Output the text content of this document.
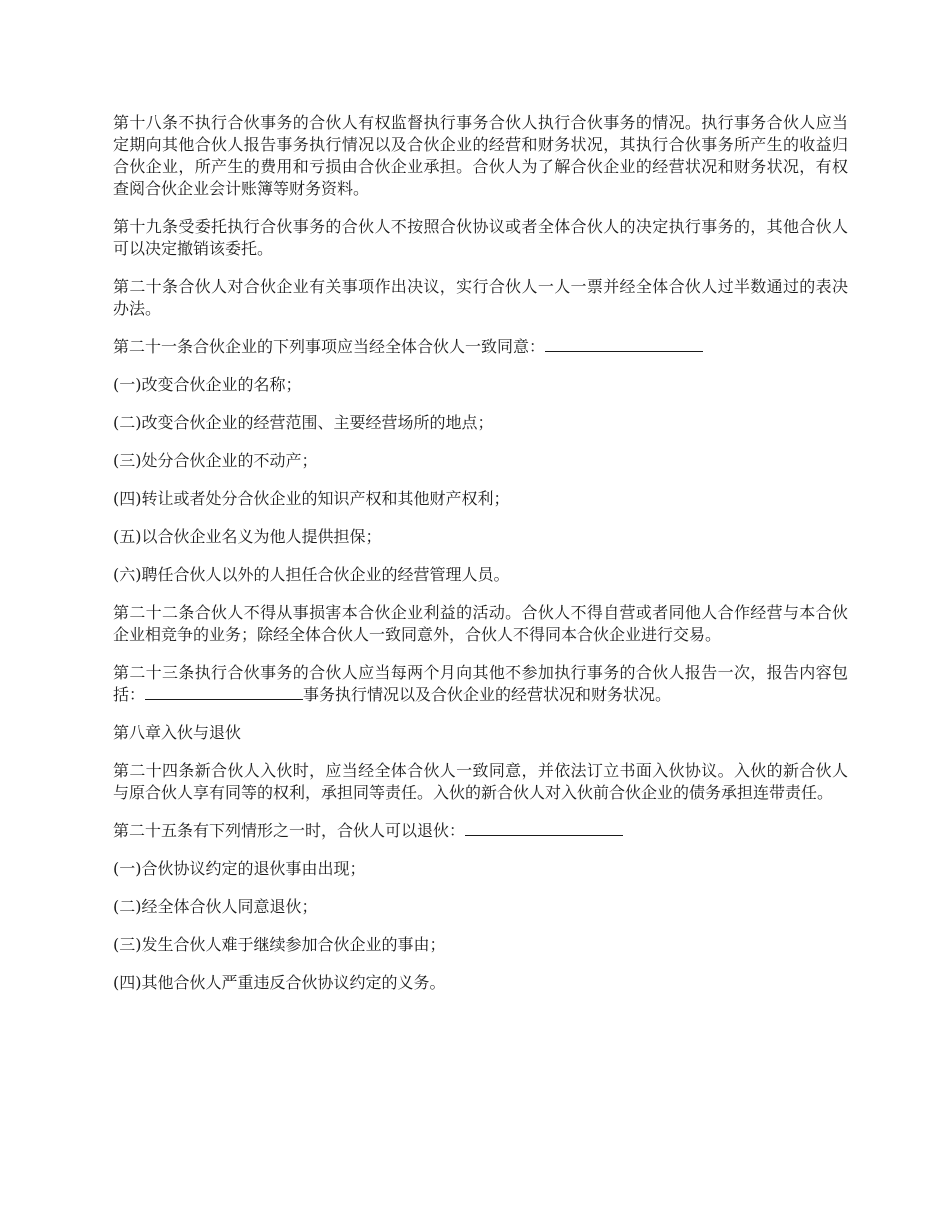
第十八条不执行合伙事务的合伙人有权监督执行事务合伙人执行合伙事务的情况。执行事务合伙人应当定期向其他合伙人报告事务执行情况以及合伙企业的经营和财务状况，其执行合伙事务所产生的收益归合伙企业，所产生的费用和亏损由合伙企业承担。合伙人为了解合伙企业的经营状况和财务状况，有权查阅合伙企业会计账簿等财务资料。

第十九条受委托执行合伙事务的合伙人不按照合伙协议或者全体合伙人的决定执行事务的，其他合伙人可以决定撤销该委托。

第二十条合伙人对合伙企业有关事项作出决议，实行合伙人一人一票并经全体合伙人过半数通过的表决办法。

第二十一条合伙企业的下列事项应当经全体合伙人一致同意：

(一)改变合伙企业的名称；

(二)改变合伙企业的经营范围、主要经营场所的地点；

(三)处分合伙企业的不动产；

(四)转让或者处分合伙企业的知识产权和其他财产权利；

(五)以合伙企业名义为他人提供担保；

(六)聘任合伙人以外的人担任合伙企业的经营管理人员。

第二十二条合伙人不得从事损害本合伙企业利益的活动。合伙人不得自营或者同他人合作经营与本合伙企业相竞争的业务；除经全体合伙人一致同意外，合伙人不得同本合伙企业进行交易。

第二十三条执行合伙事务的合伙人应当每两个月向其他不参加执行事务的合伙人报告一次，报告内容包括：	事务执行情况以及合伙企业的经营状况和财务状况。

第八章入伙与退伙

第二十四条新合伙人入伙时，应当经全体合伙人一致同意，并依法订立书面入伙协议。入伙的新合伙人与原合伙人享有同等的权利，承担同等责任。入伙的新合伙人对入伙前合伙企业的债务承担连带责任。

第二十五条有下列情形之一时，合伙人可以退伙：

(一)合伙协议约定的退伙事由出现；

(二)经全体合伙人同意退伙；

(三)发生合伙人难于继续参加合伙企业的事由；

(四)其他合伙人严重违反合伙协议约定的义务。
